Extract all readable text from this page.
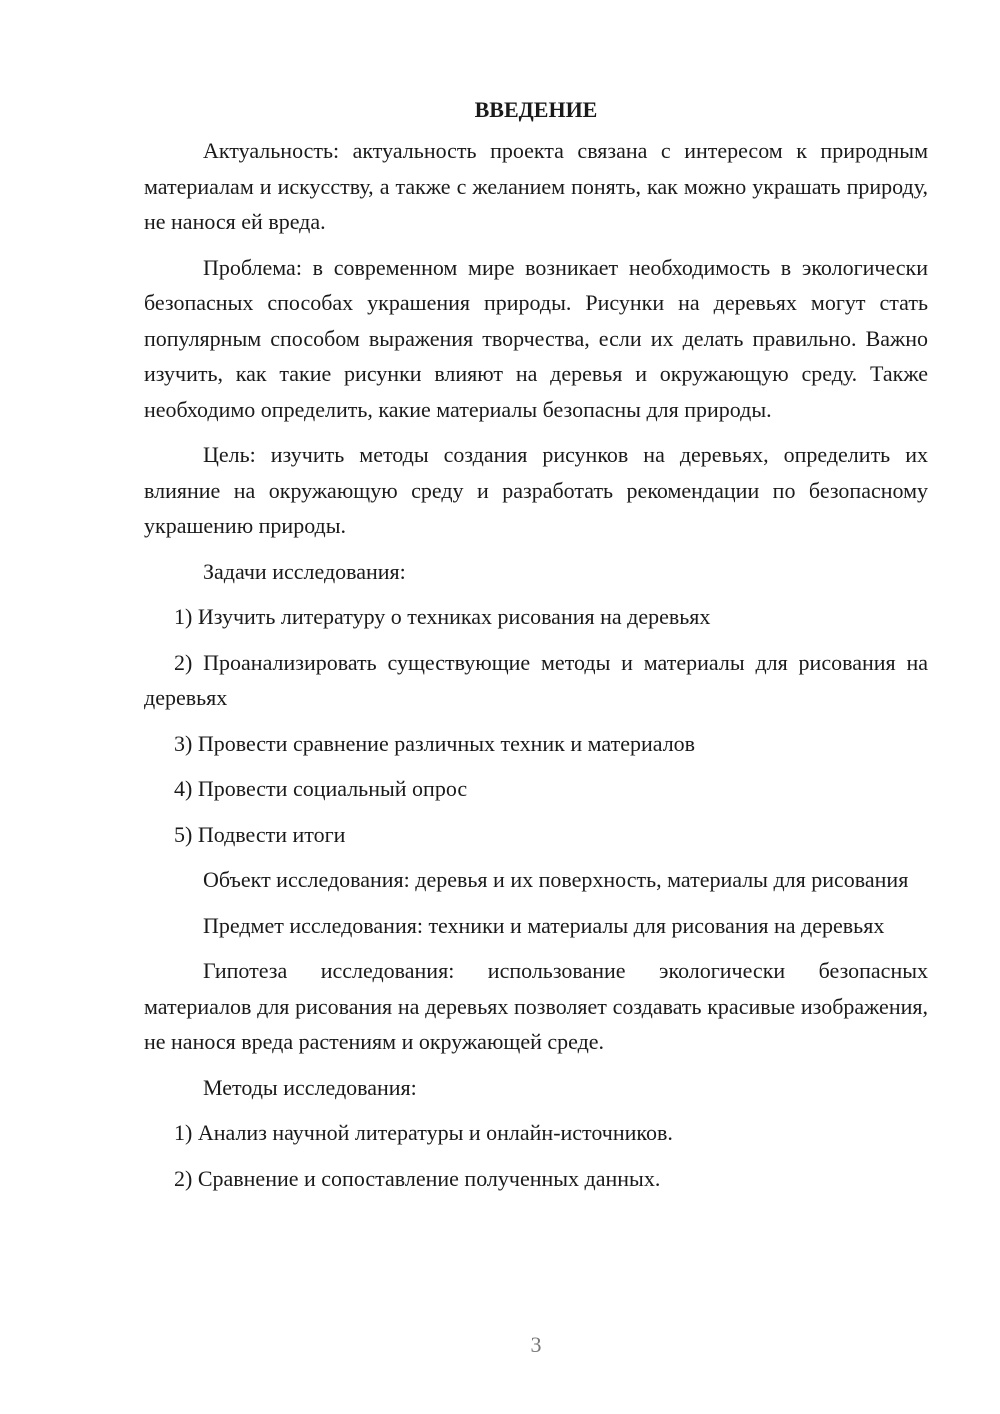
ВВЕДЕНИЕ

Актуальность: актуальность проекта связана с интересом к природным материалам и искусству, а также с желанием понять, как можно украшать природу, не нанося ей вреда.

Проблема: в современном мире возникает необходимость в экологически безопасных способах украшения природы. Рисунки на деревьях могут стать популярным способом выражения творчества, если их делать правильно. Важно изучить, как такие рисунки влияют на деревья и окружающую среду. Также необходимо определить, какие материалы безопасны для природы.

Цель: изучить методы создания рисунков на деревьях, определить их влияние на окружающую среду и разработать рекомендации по безопасному украшению природы.

Задачи исследования:

1) Изучить литературу о техниках рисования на деревьях

2) Проанализировать существующие методы и материалы для рисования на деревьях

3) Провести сравнение различных техник и материалов

4) Провести социальный опрос

5) Подвести итоги

Объект исследования: деревья и их поверхность, материалы для рисования

Предмет исследования: техники и материалы для рисования на деревьях

Гипотеза исследования: использование экологически безопасных материалов для рисования на деревьях позволяет создавать красивые изображения, не нанося вреда растениям и окружающей среде.

Методы исследования:

1) Анализ научной литературы и онлайн-источников.

2) Сравнение и сопоставление полученных данных.

3
